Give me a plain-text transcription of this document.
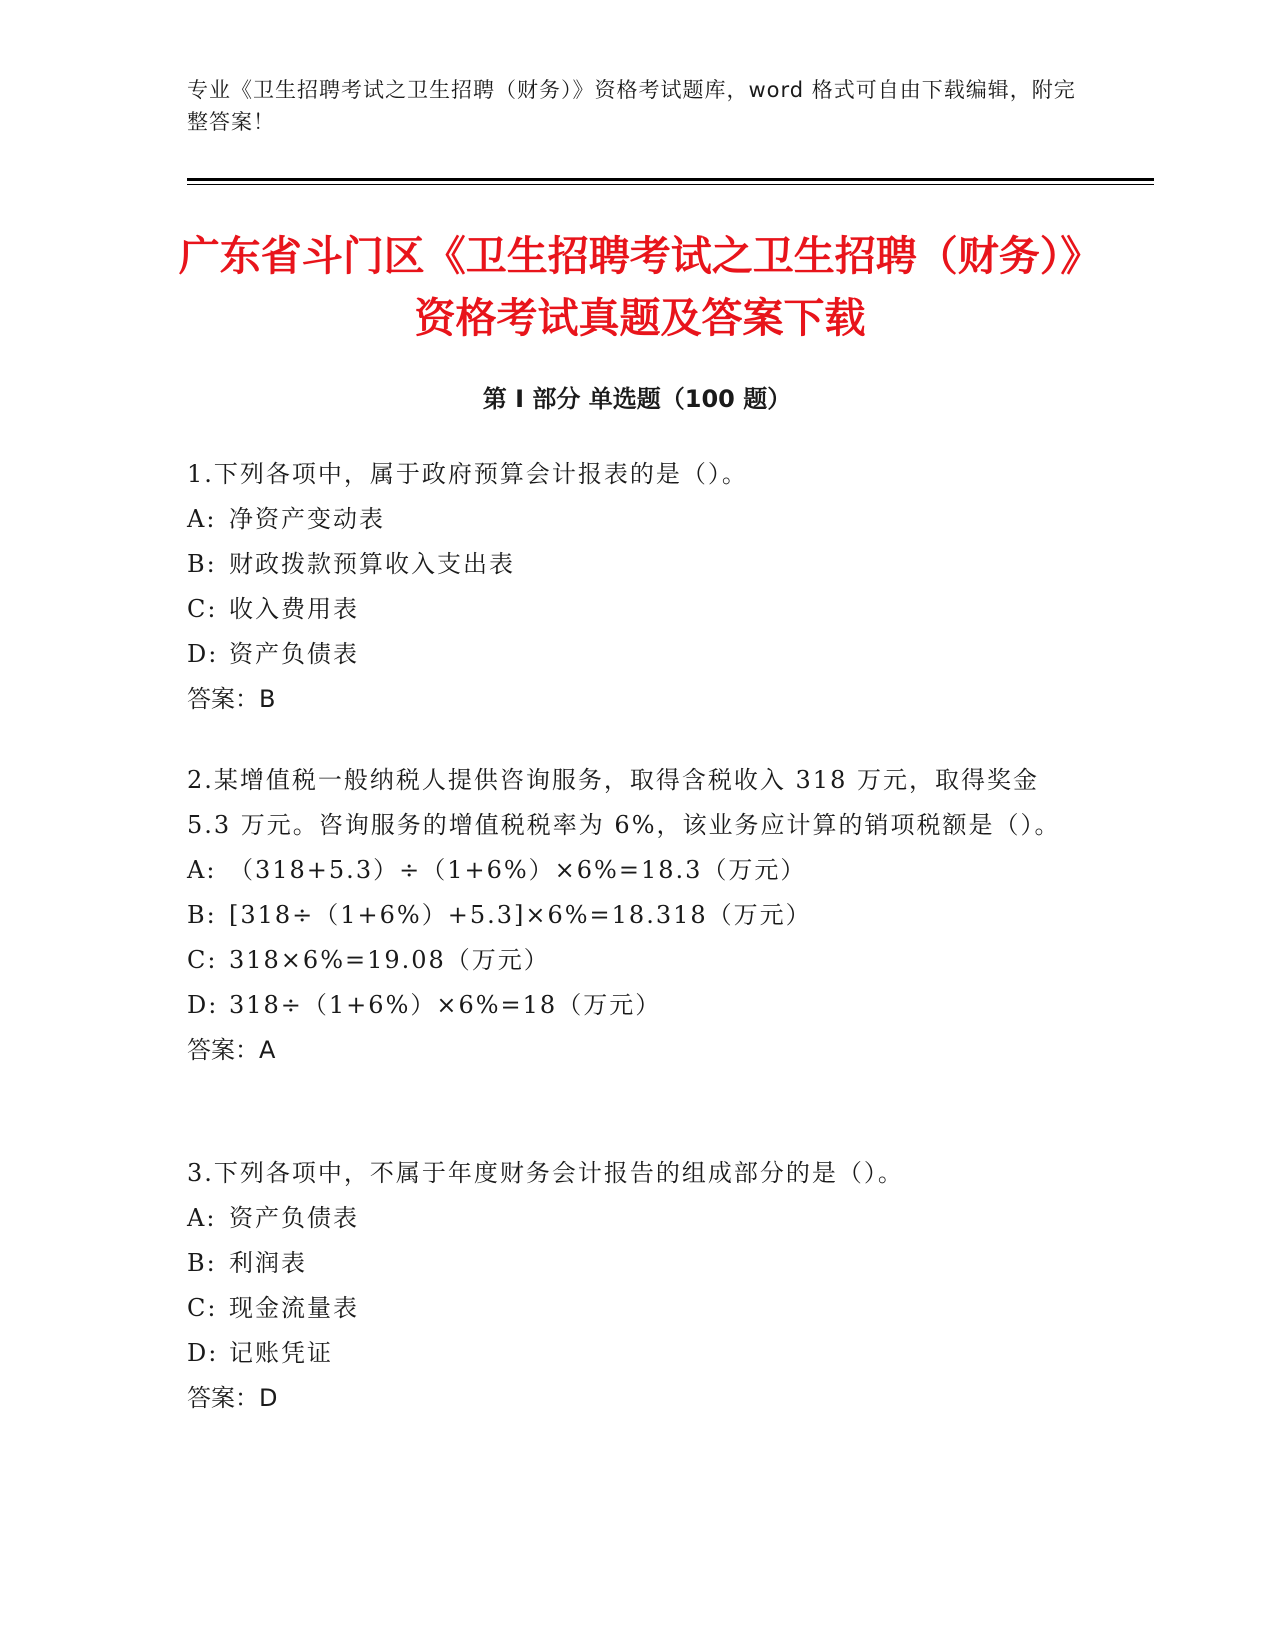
专业《卫生招聘考试之卫生招聘（财务）》资格考试题库，word 格式可自由下载编辑，附完整答案！
广东省斗门区《卫生招聘考试之卫生招聘（财务）》资格考试真题及答案下载
第 I 部分 单选题（100 题）

1.下列各项中，属于政府预算会计报表的是（）。

A: 净资产变动表

B: 财政拨款预算收入支出表

C: 收入费用表

D: 资产负债表

答案：B

2.某增值税一般纳税人提供咨询服务，取得含税收入 318 万元，取得奖金 5.3 万元。咨询服务的增值税税率为 6%，该业务应计算的销项税额是（）。

A: （318+5.3）÷（1+6%）×6%=18.3（万元）

B: [318÷（1+6%）+5.3]×6%=18.318（万元）

C: 318×6%=19.08（万元）

D: 318÷（1+6%）×6%=18（万元）

答案：A

3.下列各项中，不属于年度财务会计报告的组成部分的是（）。

A: 资产负债表

B: 利润表

C: 现金流量表

D: 记账凭证

答案：D
